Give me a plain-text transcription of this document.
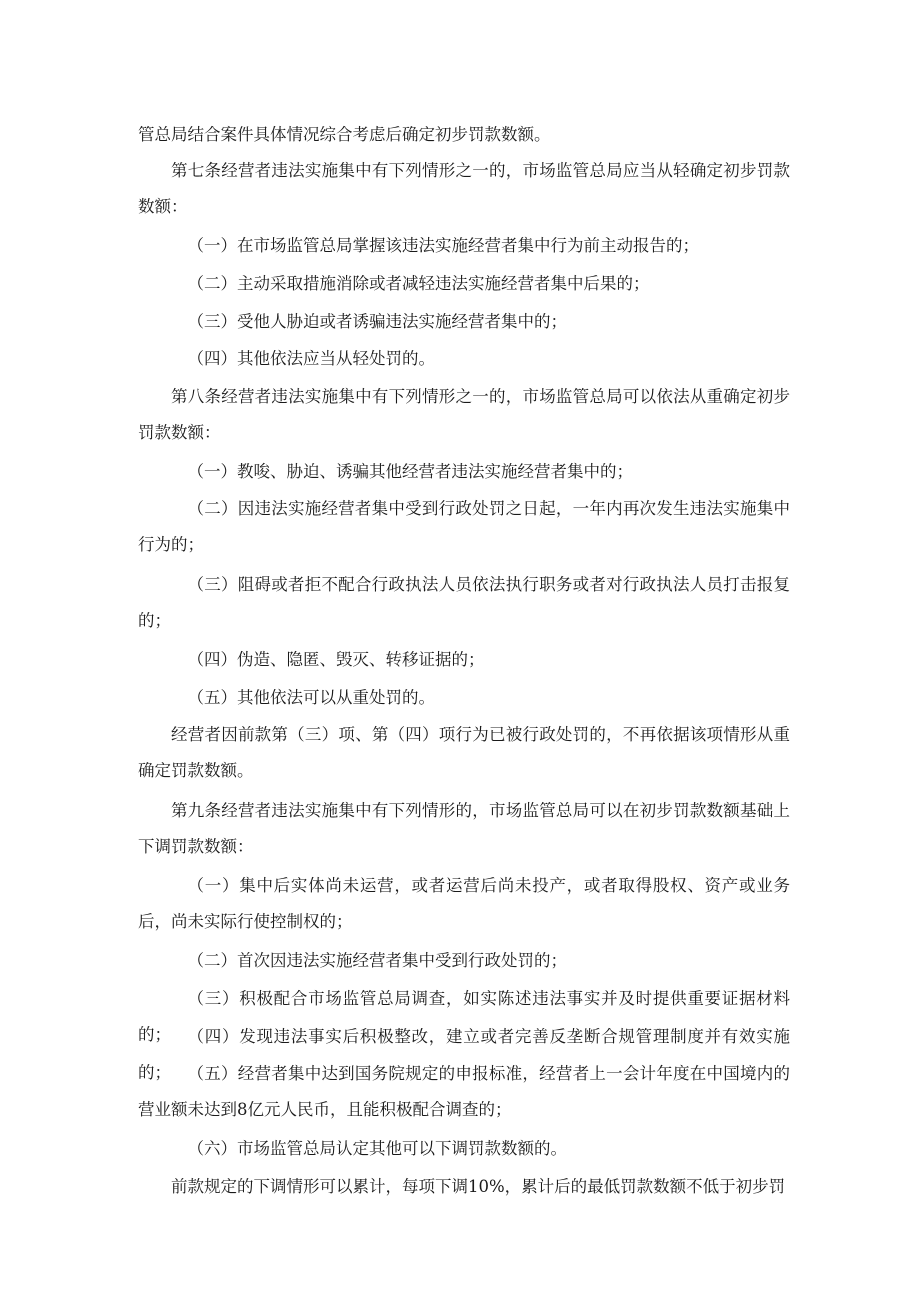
管总局结合案件具体情况综合考虑后确定初步罚款数额。

第七条经营者违法实施集中有下列情形之一的，市场监管总局应当从轻确定初步罚款数额：

（一）在市场监管总局掌握该违法实施经营者集中行为前主动报告的；

（二）主动采取措施消除或者减轻违法实施经营者集中后果的；

（三）受他人胁迫或者诱骗违法实施经营者集中的；

（四）其他依法应当从轻处罚的。

第八条经营者违法实施集中有下列情形之一的，市场监管总局可以依法从重确定初步罚款数额：

（一）教唆、胁迫、诱骗其他经营者违法实施经营者集中的；

（二）因违法实施经营者集中受到行政处罚之日起，一年内再次发生违法实施集中行为的；

（三）阻碍或者拒不配合行政执法人员依法执行职务或者对行政执法人员打击报复的；

（四）伪造、隐匿、毁灭、转移证据的；

（五）其他依法可以从重处罚的。

经营者因前款第（三）项、第（四）项行为已被行政处罚的，不再依据该项情形从重确定罚款数额。

第九条经营者违法实施集中有下列情形的，市场监管总局可以在初步罚款数额基础上下调罚款数额：

（一）集中后实体尚未运营，或者运营后尚未投产，或者取得股权、资产或业务后，尚未实际行使控制权的；

（二）首次因违法实施经营者集中受到行政处罚的；

（三）积极配合市场监管总局调查，如实陈述违法事实并及时提供重要证据材料的；	（四）发现违法事实后积极整改，建立或者完善反垄断合规管理制度并有效实施的；	（五）经营者集中达到国务院规定的申报标准，经营者上一会计年度在中国境内的营业额未达到8亿元人民币，且能积极配合调查的；

（六）市场监管总局认定其他可以下调罚款数额的。

前款规定的下调情形可以累计，每项下调10%，累计后的最低罚款数额不低于初步罚
